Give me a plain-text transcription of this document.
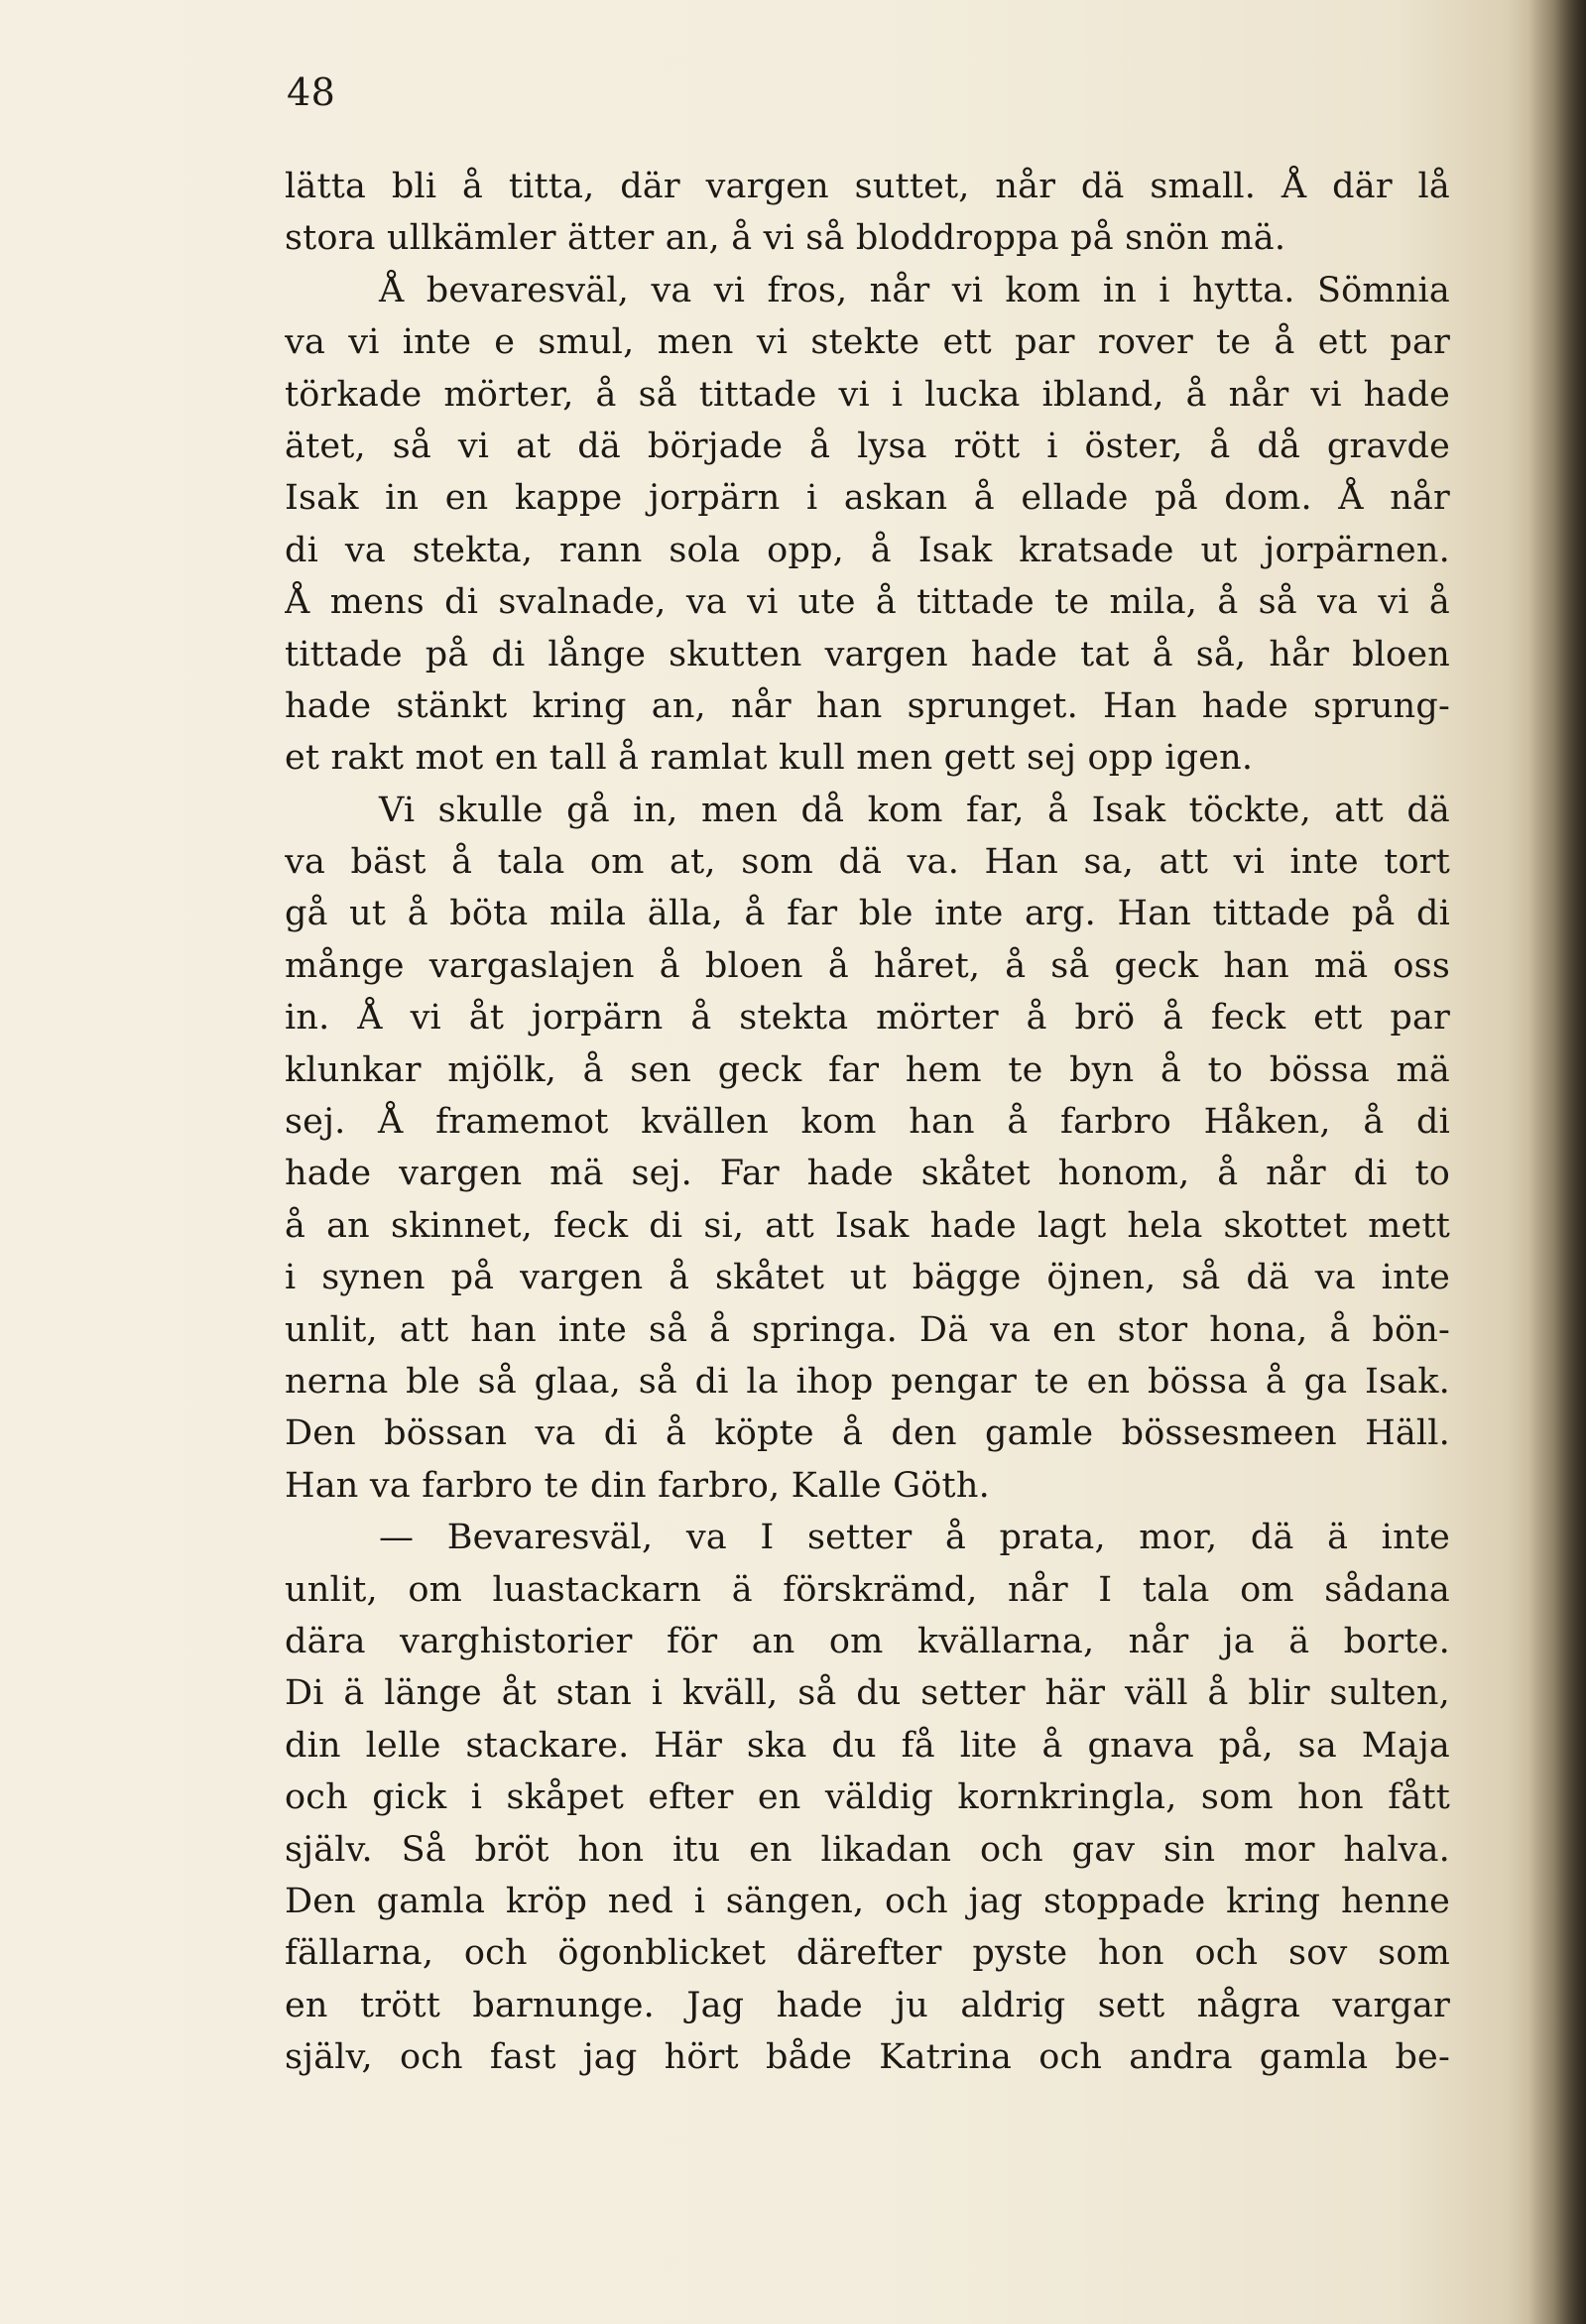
48

lätta bli å titta, där vargen suttet, når dä small. Å där lå
stora ullkämler ätter an, å vi så bloddroppa på snön mä.
Å bevaresväl, va vi fros, når vi kom in i hytta. Sömnia
va vi inte e smul, men vi stekte ett par rover te å ett par
törkade mörter, å så tittade vi i lucka ibland, å når vi hade
ätet, så vi at dä började å lysa rött i öster, å då gravde
Isak in en kappe jorpärn i askan å ellade på dom. Å når
di va stekta, rann sola opp, å Isak kratsade ut jorpärnen.
Å mens di svalnade, va vi ute å tittade te mila, å så va vi å
tittade på di långe skutten vargen hade tat å så, hår bloen
hade stänkt kring an, når han sprunget. Han hade sprung-
et rakt mot en tall å ramlat kull men gett sej opp igen.
Vi skulle gå in, men då kom far, å Isak töckte, att dä
va bäst å tala om at, som dä va. Han sa, att vi inte tort
gå ut å böta mila älla, å far ble inte arg. Han tittade på di
månge vargaslajen å bloen å håret, å så geck han mä oss
in. Å vi åt jorpärn å stekta mörter å brö å feck ett par
klunkar mjölk, å sen geck far hem te byn å to bössa mä
sej. Å framemot kvällen kom han å farbro Håken, å di
hade vargen mä sej. Far hade skåtet honom, å når di to
å an skinnet, feck di si, att Isak hade lagt hela skottet mett
i synen på vargen å skåtet ut bägge öjnen, så dä va inte
unlit, att han inte så å springa. Dä va en stor hona, å bön-
nerna ble så glaa, så di la ihop pengar te en bössa å ga Isak.
Den bössan va di å köpte å den gamle bössesmeen Häll.
Han va farbro te din farbro, Kalle Göth.
— Bevaresväl, va I setter å prata, mor, dä ä inte
unlit, om luastackarn ä förskrämd, når I tala om sådana
dära varghistorier för an om kvällarna, når ja ä borte.
Di ä länge åt stan i kväll, så du setter här väll å blir sulten,
din lelle stackare. Här ska du få lite å gnava på, sa Maja
och gick i skåpet efter en väldig kornkringla, som hon fått
själv. Så bröt hon itu en likadan och gav sin mor halva.
Den gamla kröp ned i sängen, och jag stoppade kring henne
fällarna, och ögonblicket därefter pyste hon och sov som
en trött barnunge. Jag hade ju aldrig sett några vargar
själv, och fast jag hört både Katrina och andra gamla be-
